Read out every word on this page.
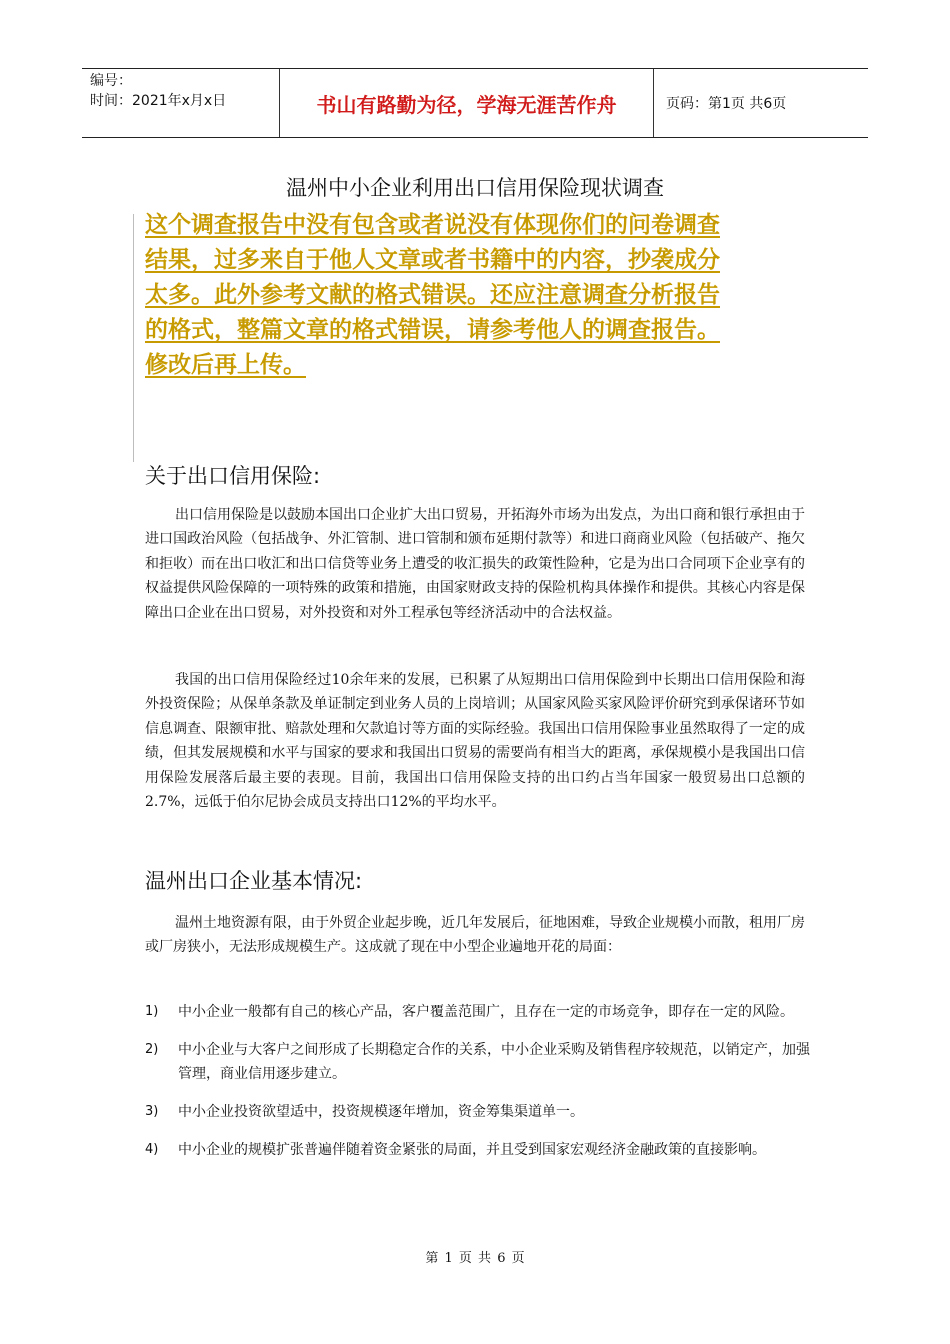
编号：
时间：2021年x月x日	书山有路勤为径，学海无涯苦作舟	页码：第1页 共6页
温州中小企业利用出口信用保险现状调查
这个调查报告中没有包含或者说没有体现你们的问卷调查
结果，过多来自于他人文章或者书籍中的内容，抄袭成分
太多。此外参考文献的格式错误。还应注意调查分析报告
的格式，整篇文章的格式错误，请参考他人的调查报告。
修改后再上传。
关于出口信用保险:

出口信用保险是以鼓励本国出口企业扩大出口贸易，开拓海外市场为出发点，为出口商和银行承担由于进口国政治风险（包括战争、外汇管制、进口管制和颁布延期付款等）和进口商商业风险（包括破产、拖欠和拒收）而在出口收汇和出口信贷等业务上遭受的收汇损失的政策性险种，它是为出口合同项下企业享有的权益提供风险保障的一项特殊的政策和措施，由国家财政支持的保险机构具体操作和提供。其核心内容是保障出口企业在出口贸易，对外投资和对外工程承包等经济活动中的合法权益。

我国的出口信用保险经过10余年来的发展，已积累了从短期出口信用保险到中长期出口信用保险和海外投资保险；从保单条款及单证制定到业务人员的上岗培训；从国家风险买家风险评价研究到承保诸环节如信息调查、限额审批、赔款处理和欠款追讨等方面的实际经验。我国出口信用保险事业虽然取得了一定的成绩，但其发展规模和水平与国家的要求和我国出口贸易的需要尚有相当大的距离，承保规模小是我国出口信用保险发展落后最主要的表现。目前，我国出口信用保险支持的出口约占当年国家一般贸易出口总额的2.7%，远低于伯尔尼协会成员支持出口12%的平均水平。

温州出口企业基本情况:

温州土地资源有限，由于外贸企业起步晚，近几年发展后，征地困难，导致企业规模小而散，租用厂房或厂房狭小，无法形成规模生产。这成就了现在中小型企业遍地开花的局面：

1)	中小企业一般都有自己的核心产品，客户覆盖范围广，且存在一定的市场竞争，即存在一定的风险。
2)	中小企业与大客户之间形成了长期稳定合作的关系，中小企业采购及销售程序较规范，以销定产，加强管理，商业信用逐步建立。
3)	中小企业投资欲望适中，投资规模逐年增加，资金筹集渠道单一。
4)	中小企业的规模扩张普遍伴随着资金紧张的局面，并且受到国家宏观经济金融政策的直接影响。
第 1 页 共 6 页
